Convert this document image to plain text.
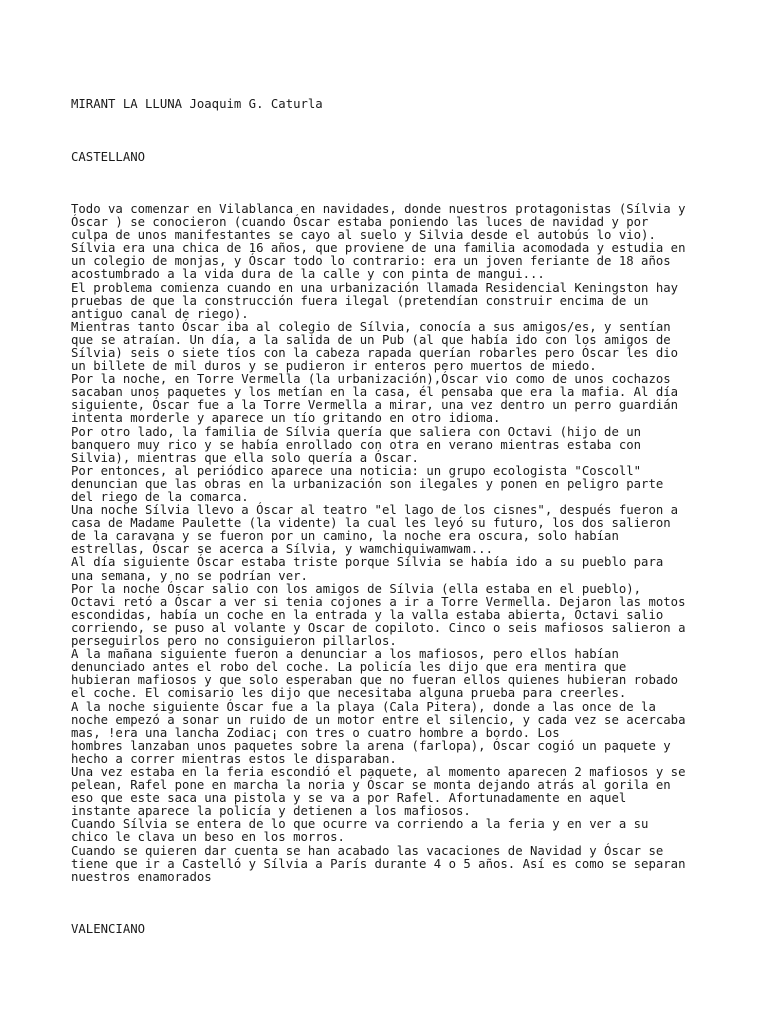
MIRANT LA LLUNA Joaquim G. Caturla

CASTELLANO

Todo va comenzar en Vilablanca en navidades, donde nuestros protagonistas (Sílvia y
Óscar ) se conocieron (cuando Óscar estaba poniendo las luces de navidad y por
culpa de unos manifestantes se cayo al suelo y Silvia desde el autobús lo vio).
Sílvia era una chica de 16 años, que proviene de una familia acomodada y estudia en
un colegio de monjas, y Óscar todo lo contrario: era un joven feriante de 18 años
acostumbrado a la vida dura de la calle y con pinta de mangui...
El problema comienza cuando en una urbanización llamada Residencial Keningston hay
pruebas de que la construcción fuera ilegal (pretendían construir encima de un
antiguo canal de riego).
Mientras tanto Óscar iba al colegio de Sílvia, conocía a sus amigos/es, y sentían
que se atraían. Un día, a la salida de un Pub (al que había ido con los amigos de
Sílvia) seis o siete tíos con la cabeza rapada querían robarles pero Óscar les dio
un billete de mil duros y se pudieron ir enteros pero muertos de miedo.
Por la noche, en Torre Vermella (la urbanización),Óscar vio como de unos cochazos
sacaban unos paquetes y los metían en la casa, él pensaba que era la mafia. Al día
siguiente, Óscar fue a la Torre Vermella a mirar, una vez dentro un perro guardián
intenta morderle y aparece un tío gritando en otro idioma.
Por otro lado, la familia de Sílvia quería que saliera con Octavi (hijo de un
banquero muy rico y se había enrollado con otra en verano mientras estaba con
Silvia), mientras que ella solo quería a Óscar.
Por entonces, al periódico aparece una noticia: un grupo ecologista "Coscoll"
denuncian que las obras en la urbanización son ilegales y ponen en peligro parte
del riego de la comarca.
Una noche Sílvia llevo a Óscar al teatro "el lago de los cisnes", después fueron a
casa de Madame Paulette (la vidente) la cual les leyó su futuro, los dos salieron
de la caravana y se fueron por un camino, la noche era oscura, solo habían
estrellas, Óscar se acerca a Sílvia, y wamchiquiwamwam...
Al día siguiente Óscar estaba triste porque Sílvia se había ido a su pueblo para
una semana, y no se podrían ver.
Por la noche Óscar salio con los amigos de Sílvia (ella estaba en el pueblo),
Octavi retó a Óscar a ver si tenia cojones a ir a Torre Vermella. Dejaron las motos
escondidas, había un coche en la entrada y la valla estaba abierta, Octavi salio
corriendo, se puso al volante y Oscar de copiloto. Cinco o seis mafiosos salieron a
perseguirlos pero no consiguieron pillarlos.
A la mañana siguiente fueron a denunciar a los mafiosos, pero ellos habían
denunciado antes el robo del coche. La policía les dijo que era mentira que
hubieran mafiosos y que solo esperaban que no fueran ellos quienes hubieran robado
el coche. El comisario les dijo que necesitaba alguna prueba para creerles.
A la noche siguiente Óscar fue a la playa (Cala Pitera), donde a las once de la
noche empezó a sonar un ruido de un motor entre el silencio, y cada vez se acercaba
mas, !era una lancha Zodiac¡ con tres o cuatro hombre a bordo. Los
hombres lanzaban unos paquetes sobre la arena (farlopa), Óscar cogió un paquete y
hecho a correr mientras estos le disparaban.
Una vez estaba en la feria escondió el paquete, al momento aparecen 2 mafiosos y se
pelean, Rafel pone en marcha la noria y Óscar se monta dejando atrás al gorila en
eso que este saca una pistola y se va a por Rafel. Afortunadamente en aquel
instante aparece la policía y detienen a los mafiosos.
Cuando Sílvia se entera de lo que ocurre va corriendo a la feria y en ver a su
chico le clava un beso en los morros.
Cuando se quieren dar cuenta se han acabado las vacaciones de Navidad y Óscar se
tiene que ir a Castelló y Sílvia a París durante 4 o 5 años. Así es como se separan
nuestros enamorados

VALENCIANO
